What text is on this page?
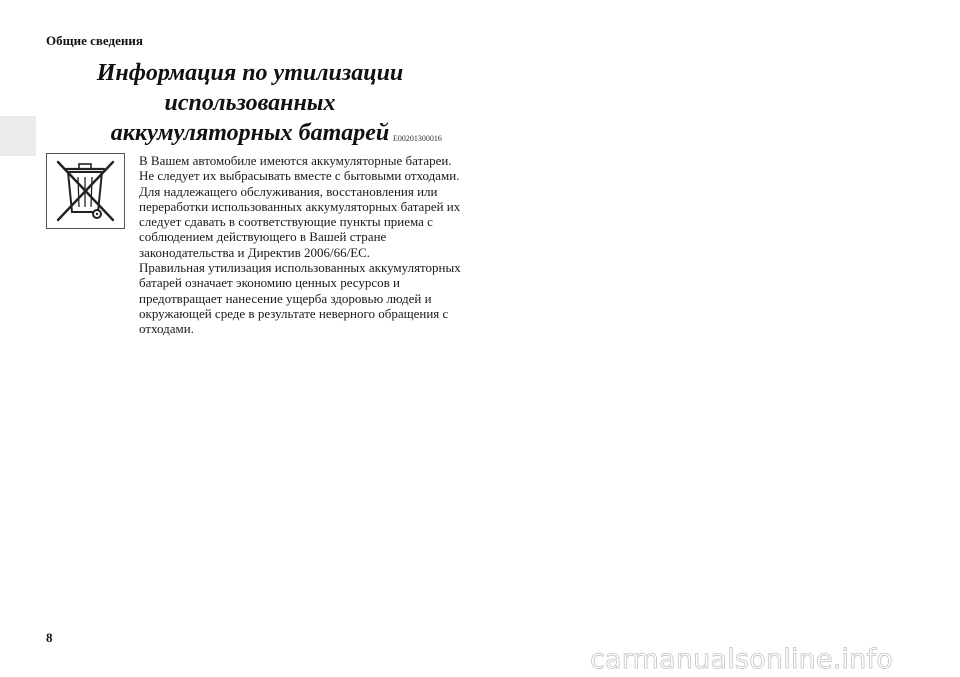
Общие сведения
Информация по утилизации
использованных
аккумуляторных батарей E00201300016

В Вашем автомобиле имеются аккумуляторные батареи.

Не следует их выбрасывать вместе с бытовыми отходами.

Для надлежащего обслуживания, восстановления или переработки использованных аккумуляторных батарей их следует сдавать в соответствующие пункты приема с соблюдением действующего в Вашей стране законодательства и Директив 2006/66/EC.

Правильная утилизация использованных аккумуляторных батарей означает экономию ценных ресурсов и предотвращает нанесение ущерба здоровью людей и окружающей среде в результате неверного обращения с отходами.

8
carmanualsonline.info
